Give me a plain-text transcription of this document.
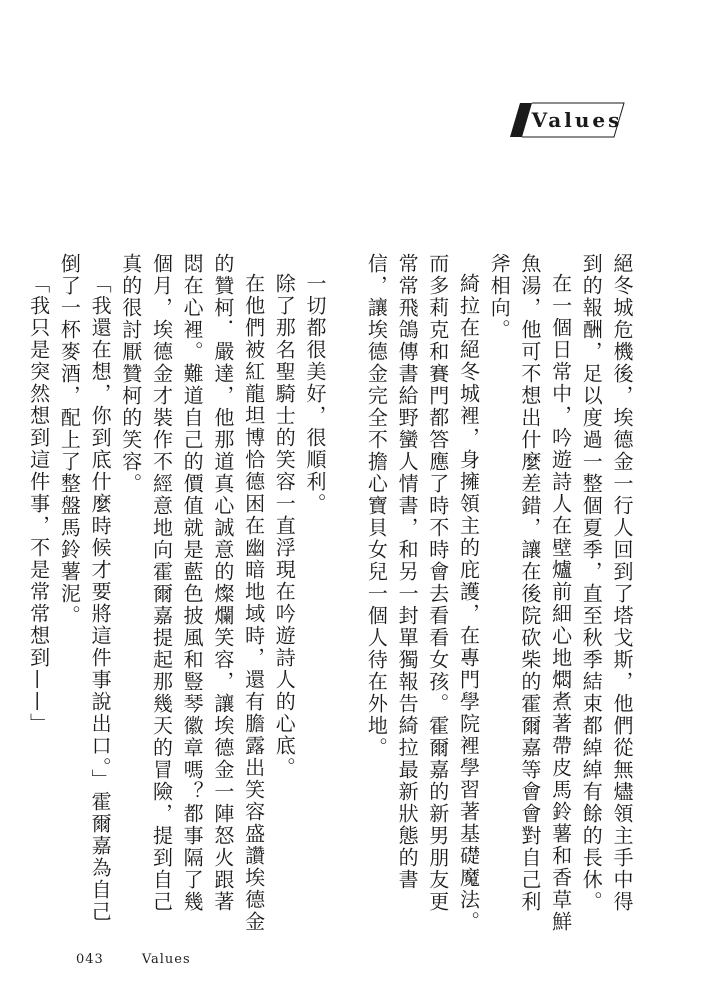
Values

絕冬城危機後，埃德金一行人回到了塔戈斯，他們從無燼領主手中得到的報酬，足以度過一整個夏季，直至秋季結束都綽綽有餘的長休。

在一個日常中，吟遊詩人在壁爐前細心地燜煮著帶皮馬鈴薯和香草鮮魚湯，他可不想出什麼差錯，讓在後院砍柴的霍爾嘉等會會對自己利斧相向。

綺拉在絕冬城裡，身擁領主的庇護，在專門學院裡學習著基礎魔法。而多莉克和賽門都答應了時不時會去看看女孩。霍爾嘉的新男朋友更常常飛鴿傳書給野蠻人情書，和另一封單獨報告綺拉最新狀態的書信，讓埃德金完全不擔心寶貝女兒一個人待在外地。

一切都很美好，很順利。

除了那名聖騎士的笑容一直浮現在吟遊詩人的心底。

在他們被紅龍坦博恰德困在幽暗地域時，還有膽露出笑容盛讚埃德金的贊柯．嚴達，他那道真心誠意的燦爛笑容，讓埃德金一陣怒火跟著悶在心裡。難道自己的價值就是藍色披風和豎琴徽章嗎？都事隔了幾個月，埃德金才裝作不經意地向霍爾嘉提起那幾天的冒險，提到自己真的很討厭贊柯的笑容。

「我還在想，你到底什麼時候才要將這件事說出口。」霍爾嘉為自己倒了一杯麥酒，配上了整盤馬鈴薯泥。

「我只是突然想到這件事，不是常常想到——」

043	Values
